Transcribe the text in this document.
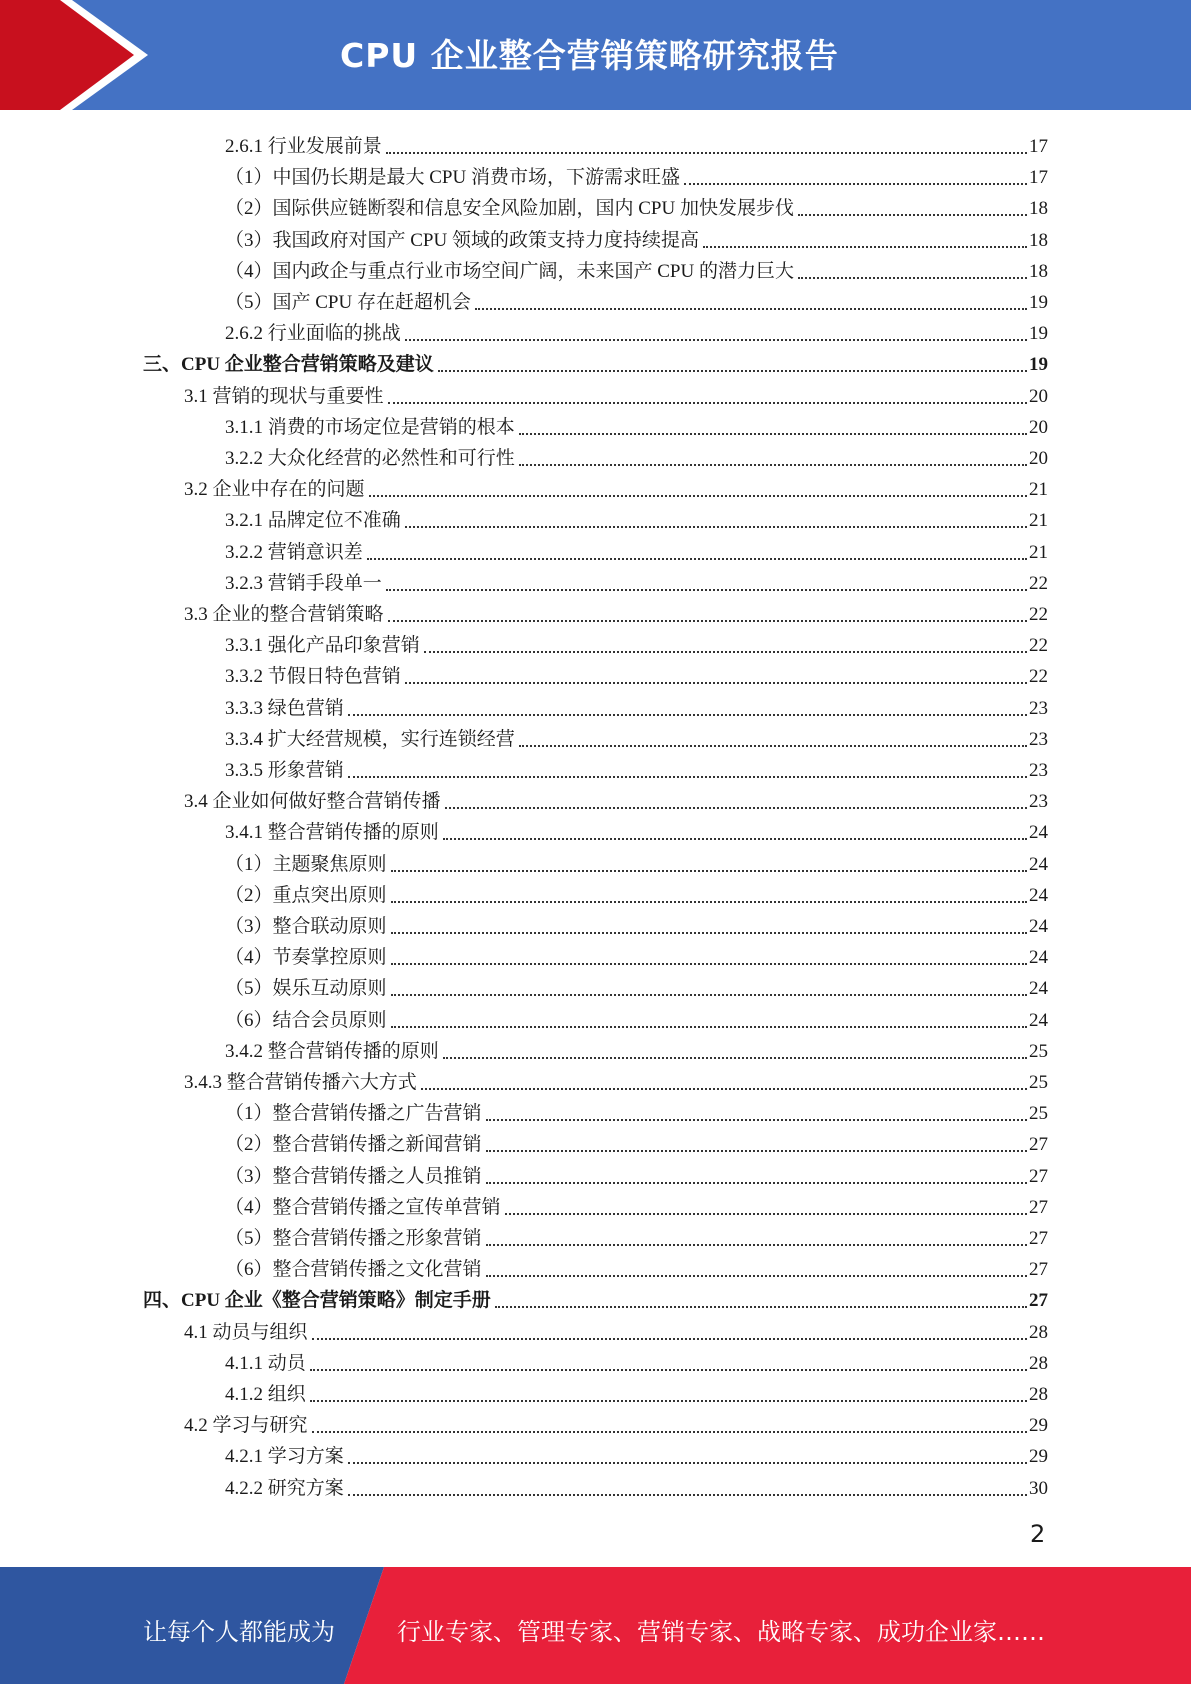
CPU 企业整合营销策略研究报告
2.6.1 行业发展前景	17
（1）中国仍长期是最大 CPU 消费市场，下游需求旺盛	17
（2）国际供应链断裂和信息安全风险加剧，国内 CPU 加快发展步伐	18
（3）我国政府对国产 CPU 领域的政策支持力度持续提高	18
（4）国内政企与重点行业市场空间广阔，未来国产 CPU 的潜力巨大	18
（5）国产 CPU 存在赶超机会	19
2.6.2 行业面临的挑战	19
三、CPU 企业整合营销策略及建议	19
3.1 营销的现状与重要性	20
3.1.1 消费的市场定位是营销的根本	20
3.2.2 大众化经营的必然性和可行性	20
3.2 企业中存在的问题	21
3.2.1 品牌定位不准确	21
3.2.2 营销意识差	21
3.2.3 营销手段单一	22
3.3 企业的整合营销策略	22
3.3.1 强化产品印象营销	22
3.3.2 节假日特色营销	22
3.3.3 绿色营销	23
3.3.4 扩大经营规模，实行连锁经营	23
3.3.5 形象营销	23
3.4 企业如何做好整合营销传播	23
3.4.1 整合营销传播的原则	24
（1）主题聚焦原则	24
（2）重点突出原则	24
（3）整合联动原则	24
（4）节奏掌控原则	24
（5）娱乐互动原则	24
（6）结合会员原则	24
3.4.2 整合营销传播的原则	25
3.4.3 整合营销传播六大方式	25
（1）整合营销传播之广告营销	25
（2）整合营销传播之新闻营销	27
（3）整合营销传播之人员推销	27
（4）整合营销传播之宣传单营销	27
（5）整合营销传播之形象营销	27
（6）整合营销传播之文化营销	27
四、CPU 企业《整合营销策略》制定手册	27
4.1 动员与组织	28
4.1.1 动员	28
4.1.2 组织	28
4.2 学习与研究	29
4.2.1 学习方案	29
4.2.2 研究方案	30
2
让每个人都能成为	行业专家、管理专家、营销专家、战略专家、成功企业家……
